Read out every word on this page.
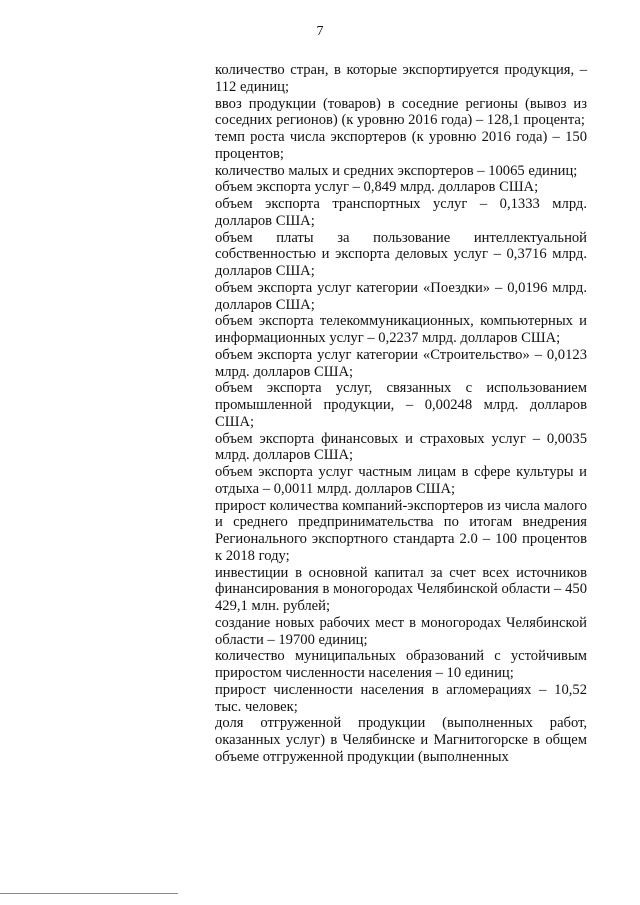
7

количество стран, в которые экспортируется продукция, – 112 единиц;

ввоз продукции (товаров) в соседние регионы (вывоз из соседних регионов) (к уровню 2016 года) – 128,1 процента;

темп роста числа экспортеров (к уровню 2016 года) – 150 процентов;

количество малых и средних экспортеров – 10065 единиц;

объем экспорта услуг – 0,849 млрд. долларов США;

объем экспорта транспортных услуг – 0,1333 млрд. долларов США;

объем платы за пользование интеллектуальной собственностью и экспорта деловых услуг – 0,3716 млрд. долларов США;

объем экспорта услуг категории «Поездки» – 0,0196 млрд. долларов США;

объем экспорта телекоммуникационных, компьютерных и информационных услуг – 0,2237 млрд. долларов США;

объем экспорта услуг категории «Строительство» – 0,0123 млрд. долларов США;

объем экспорта услуг, связанных с использованием промышленной продукции, – 0,00248 млрд. долларов США;

объем экспорта финансовых и страховых услуг – 0,0035 млрд. долларов США;

объем экспорта услуг частным лицам в сфере культуры и отдыха – 0,0011 млрд. долларов США;

прирост количества компаний-экспортеров из числа малого и среднего предпринимательства по итогам внедрения Регионального экспортного стандарта 2.0 – 100 процентов к 2018 году;

инвестиции в основной капитал за счет всех источников финансирования в моногородах Челябинской области – 450 429,1 млн. рублей;

создание новых рабочих мест в моногородах Челябинской области – 19700 единиц;

количество муниципальных образований с устойчивым приростом численности населения – 10 единиц;

прирост численности населения в агломерациях – 10,52 тыс. человек;

доля отгруженной продукции (выполненных работ, оказанных услуг) в Челябинске и Магнитогорске в общем объеме отгруженной продукции (выполненных
